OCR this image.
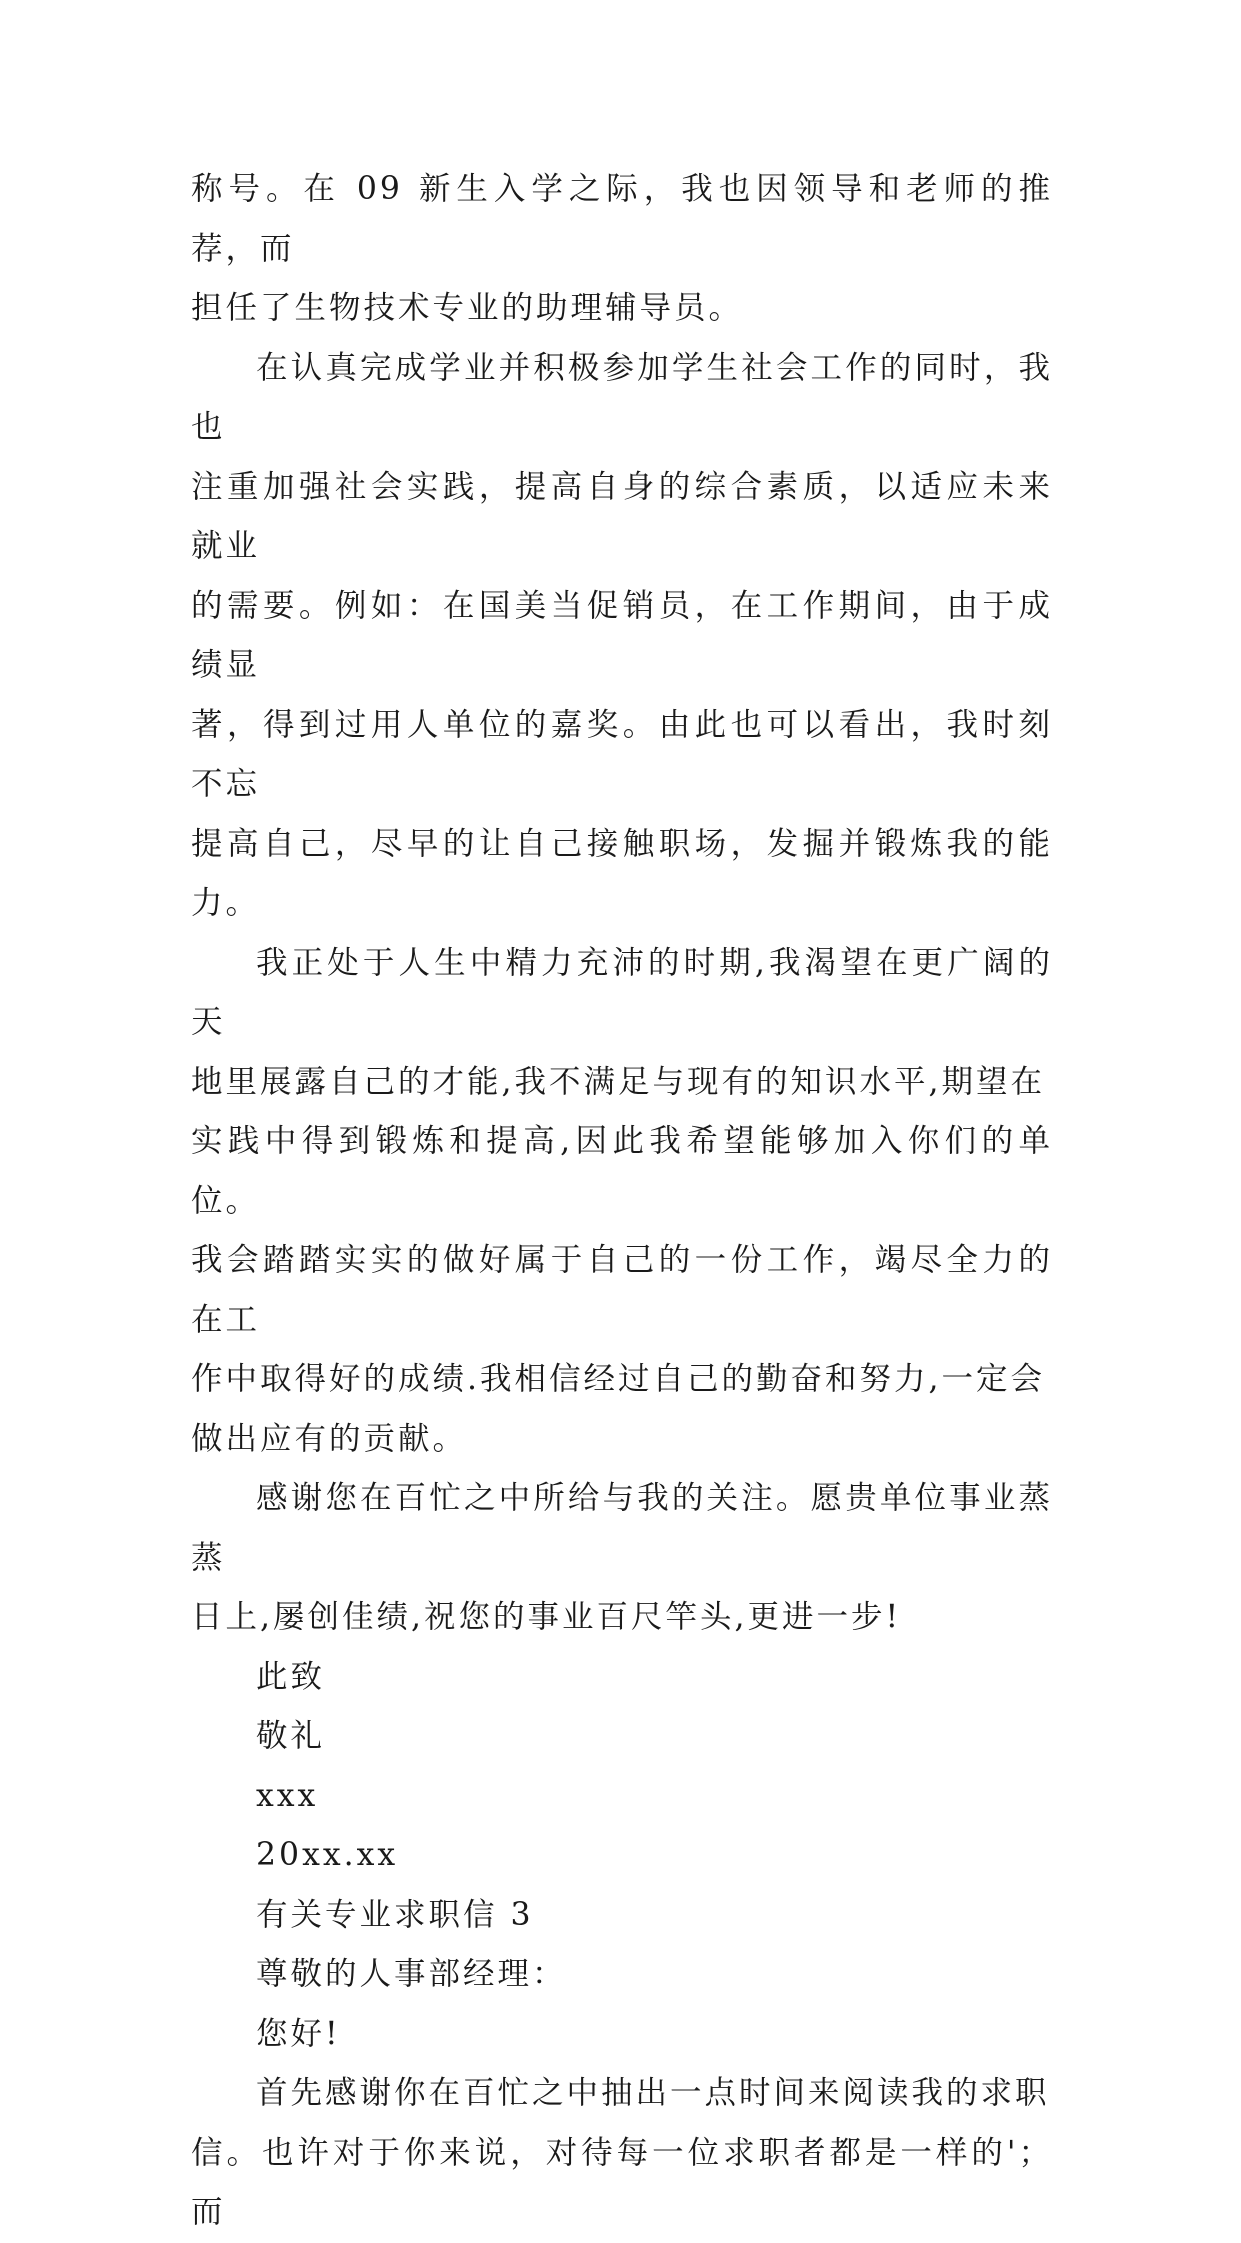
称号。在 09 新生入学之际，我也因领导和老师的推荐，而
担任了生物技术专业的助理辅导员。

在认真完成学业并积极参加学生社会工作的同时，我也
注重加强社会实践，提高自身的综合素质，以适应未来就业
的需要。例如：在国美当促销员，在工作期间，由于成绩显
著，得到过用人单位的嘉奖。由此也可以看出，我时刻不忘
提高自己，尽早的让自己接触职场，发掘并锻炼我的能力。

我正处于人生中精力充沛的时期,我渴望在更广阔的天
地里展露自己的才能,我不满足与现有的知识水平,期望在
实践中得到锻炼和提高,因此我希望能够加入你们的单位。
我会踏踏实实的做好属于自己的一份工作，竭尽全力的在工
作中取得好的成绩.我相信经过自己的勤奋和努力,一定会
做出应有的贡献。

感谢您在百忙之中所给与我的关注。愿贵单位事业蒸蒸
日上,屡创佳绩,祝您的事业百尺竿头,更进一步!

此致

敬礼

xxx

20xx.xx

有关专业求职信 3

尊敬的人事部经理：

您好!

首先感谢你在百忙之中抽出一点时间来阅读我的求职
信。也许对于你来说，对待每一位求职者都是一样的'；而
